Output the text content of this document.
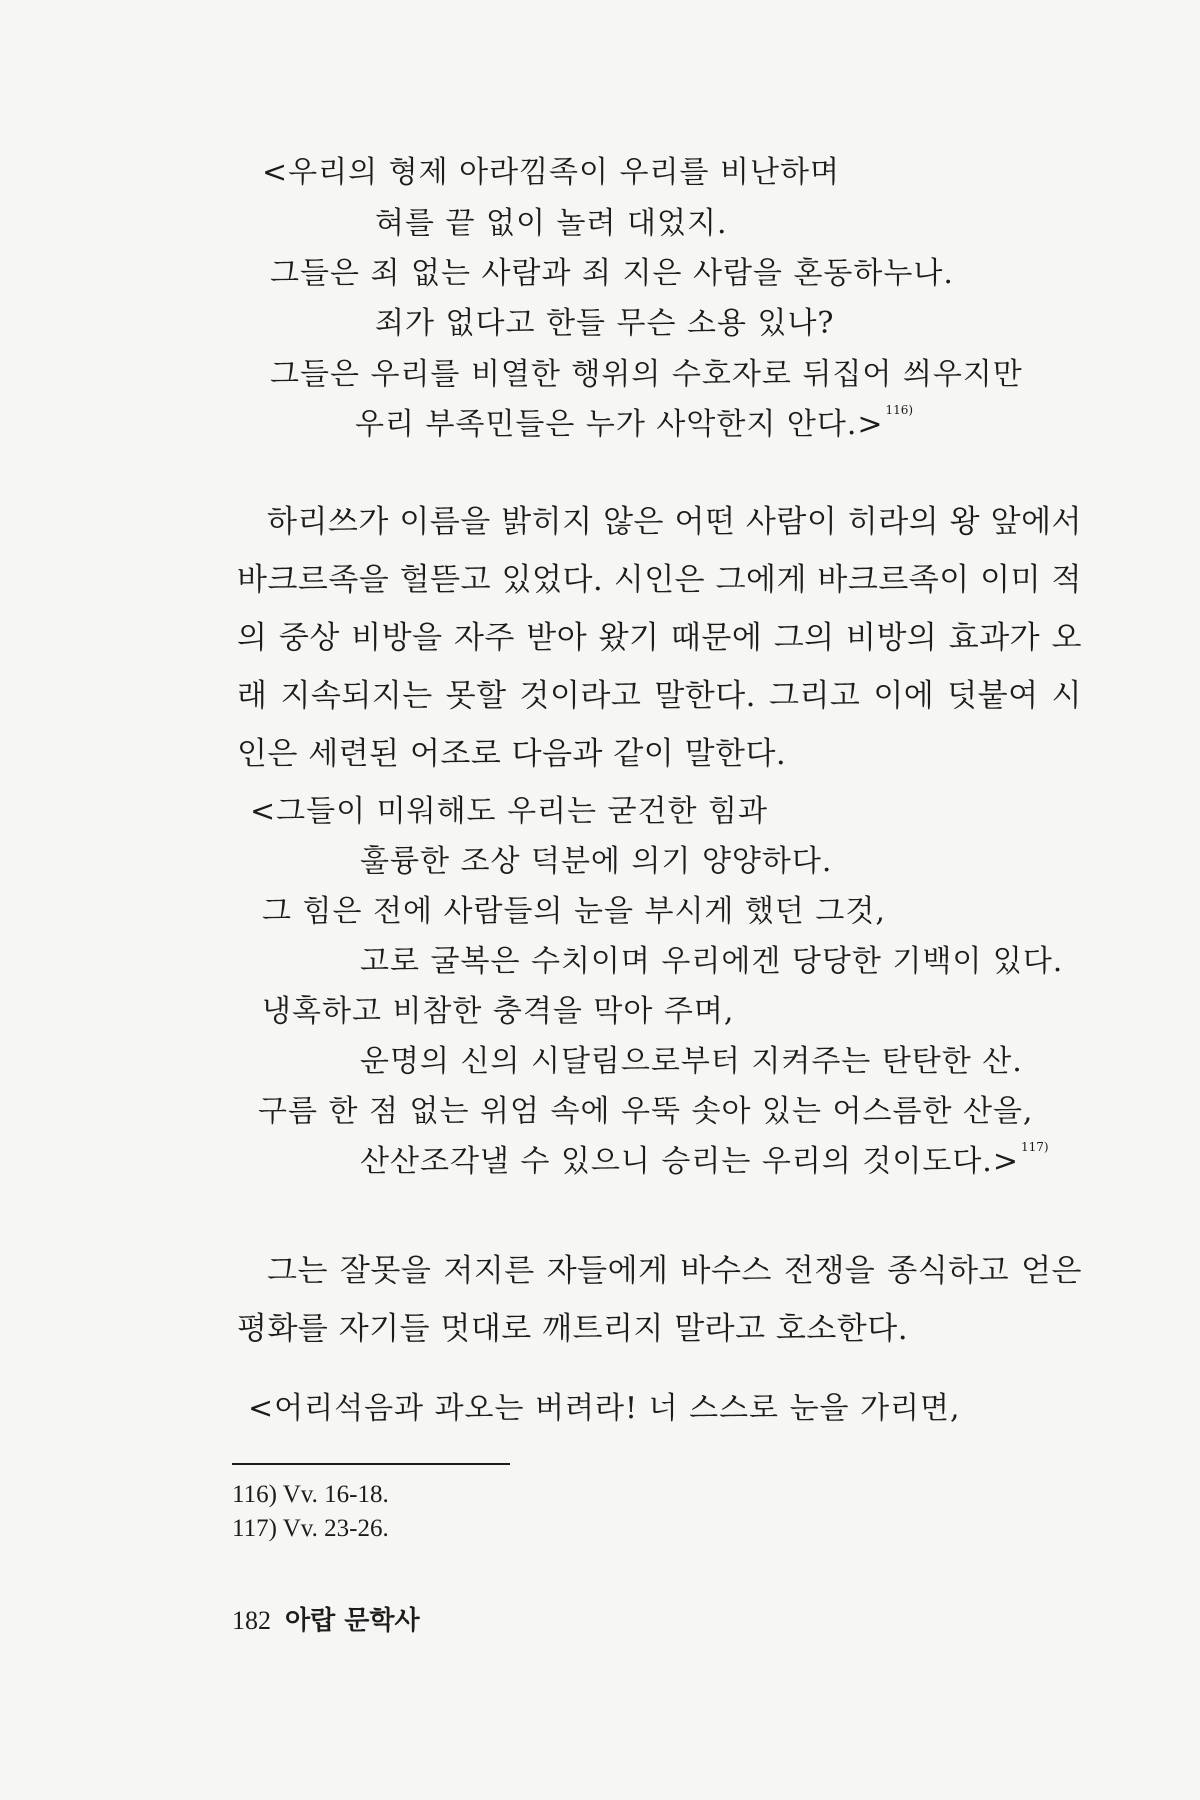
<우리의 형제 아라낌족이 우리를 비난하며
혀를 끝 없이 놀려 대었지.
그들은 죄 없는 사람과 죄 지은 사람을 혼동하누나.
죄가 없다고 한들 무슨 소용 있나?
그들은 우리를 비열한 행위의 수호자로 뒤집어 씌우지만
우리 부족민들은 누가 사악한지 안다.> $^{116)}$
하리쓰가 이름을 밝히지 않은 어떤 사람이 히라의 왕 앞에서 바크르족을 헐뜯고 있었다. 시인은 그에게 바크르족이 이미 적의 중상 비방을 자주 받아 왔기 때문에 그의 비방의 효과가 오래 지속되지는 못할 것이라고 말한다. 그리고 이에 덧붙여 시인은 세련된 어조로 다음과 같이 말한다.
<그들이 미워해도 우리는 굳건한 힘과
훌륭한 조상 덕분에 의기 양양하다.
그 힘은 전에 사람들의 눈을 부시게 했던 그것,
고로 굴복은 수치이며 우리에겐 당당한 기백이 있다.
냉혹하고 비참한 충격을 막아 주며,
운명의 신의 시달림으로부터 지켜주는 탄탄한 산.
구름 한 점 없는 위엄 속에 우뚝 솟아 있는 어스름한 산을,
산산조각낼 수 있으니 승리는 우리의 것이도다.> $^{117)}$
그는 잘못을 저지른 자들에게 바수스 전쟁을 종식하고 얻은 평화를 자기들 멋대로 깨트리지 말라고 호소한다.
<어리석음과 과오는 버려라! 너 스스로 눈을 가리면,
116) Vv. 16-18.
117) Vv. 23-26.
182 아랍 문학사
